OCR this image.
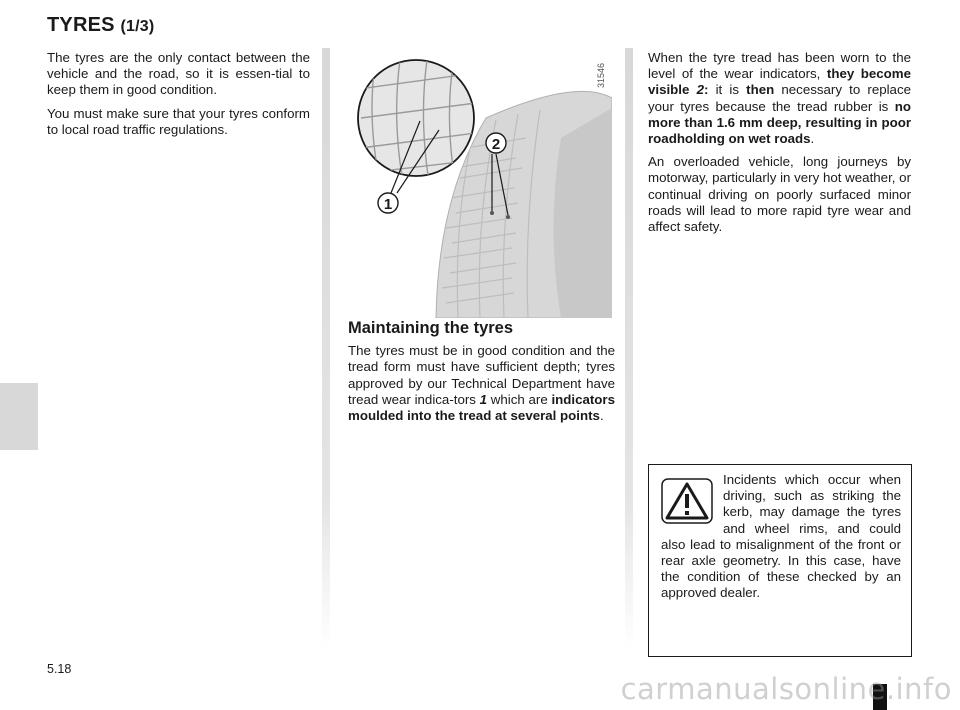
TYRES (1/3)

The tyres are the only contact between the vehicle and the road, so it is essen-tial to keep them in good condition.

You must make sure that your tyres conform to local road traffic regulations.

1
2
31546
Maintaining the tyres

The tyres must be in good condition and the tread form must have sufficient depth; tyres approved by our Technical Department have tread wear indica-tors 1 which are indicators moulded into the tread at several points.

When the tyre tread has been worn to the level of the wear indicators, they become visible 2: it is then necessary to replace your tyres because the tread rubber is no more than 1.6 mm deep, resulting in poor roadholding on wet roads.

An overloaded vehicle, long journeys by motorway, particularly in very hot weather, or continual driving on poorly surfaced minor roads will lead to more rapid tyre wear and affect safety.

Incidents which occur when driving, such as striking the kerb, may damage the tyres and wheel rims, and could also lead to misalignment of the front or rear axle geometry. In this case, have the condition of these checked by an approved dealer.
5.18
carmanualsonline.info
